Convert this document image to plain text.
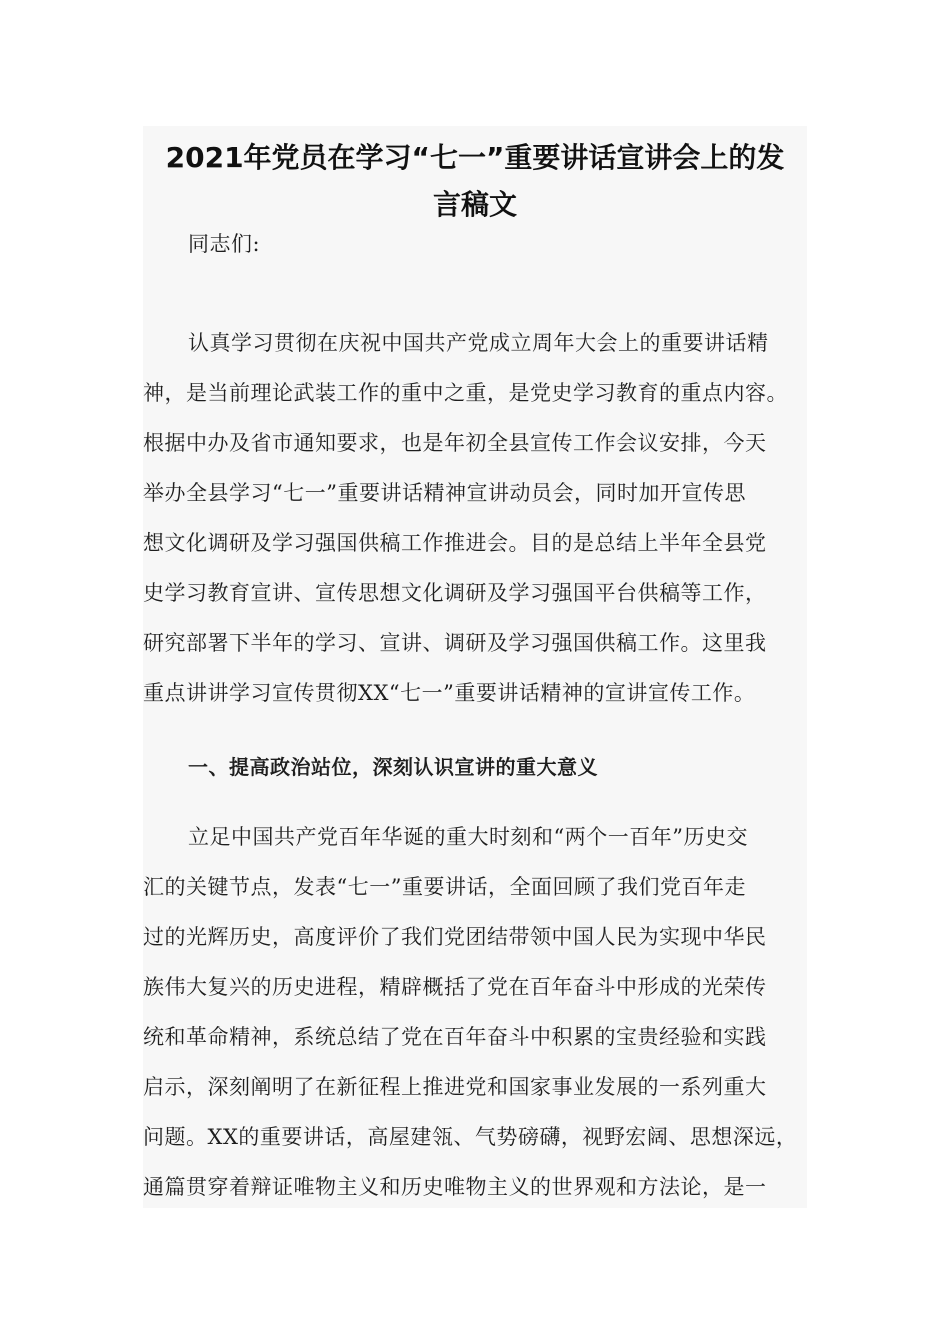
2021年党员在学习“七一”重要讲话宣讲会上的发
言稿文
同志们:
认真学习贯彻在庆祝中国共产党成立周年大会上的重要讲话精
神，是当前理论武装工作的重中之重，是党史学习教育的重点内容。
根据中办及省市通知要求，也是年初全县宣传工作会议安排，今天
举办全县学习“七一”重要讲话精神宣讲动员会，同时加开宣传思
想文化调研及学习强国供稿工作推进会。目的是总结上半年全县党
史学习教育宣讲、宣传思想文化调研及学习强国平台供稿等工作，
研究部署下半年的学习、宣讲、调研及学习强国供稿工作。这里我
重点讲讲学习宣传贯彻XX“七一”重要讲话精神的宣讲宣传工作。
一、提高政治站位，深刻认识宣讲的重大意义
立足中国共产党百年华诞的重大时刻和“两个一百年”历史交
汇的关键节点，发表“七一”重要讲话，全面回顾了我们党百年走
过的光辉历史，高度评价了我们党团结带领中国人民为实现中华民
族伟大复兴的历史进程，精辟概括了党在百年奋斗中形成的光荣传
统和革命精神，系统总结了党在百年奋斗中积累的宝贵经验和实践
启示，深刻阐明了在新征程上推进党和国家事业发展的一系列重大
问题。XX的重要讲话，高屋建瓴、气势磅礴，视野宏阔、思想深远，
通篇贯穿着辩证唯物主义和历史唯物主义的世界观和方法论，是一
